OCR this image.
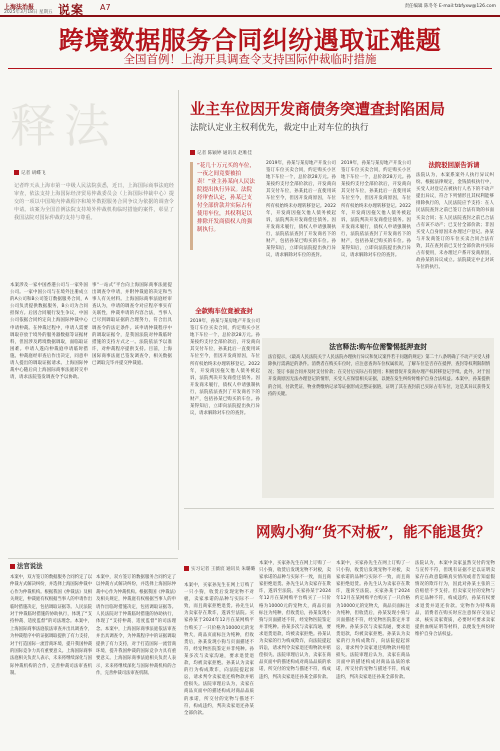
上海法治报
2025年3月18日 星期五 说案 A7	责任编辑 陈冬冬 E-mail:fzbfyxw@126.com
跨境数据服务合同纠纷遇取证难题
全国首例！上海开具调查令支持国际仲裁临时措施
释法
记者 胡蝶飞
记者昨天从上海市第一中级人民法院获悉，近日，上海国际商事法庭经审查，依法支持上海国际经济贸易仲裁委员会（上海国际仲裁中心）提交的一项以中国境内仲裁程序和境外数据服务合同争议为依据的调查令申请。该案为全国首例法院支持境外仲裁机构临时措施的案件，彰显了我国法院对国际仲裁的支持与尊重。
本案涉及一家中国香港公司与一家外国公司。一家中国公司与在境外注册成立的A公司和B公司签订数据服务合同，A公司负责提供数据服务，B公司为合同担保方。后因合同履行发生争议，中国公司依据合同约定向上海国际仲裁中心申请仲裁。在仲裁过程中，申请人需要调取存放于境外的服务器数据等证据材料，但因涉及跨境数据调取，面临取证困难。申请人遂向仲裁庭申请临时措施。仲裁庭经审查后作出决定，同意申请人提出的调取证据请求。上海国际仲裁中心随后向上海国际商事法庭转交申请，请求法院签发调查令予以协助。
事“一站式”平台向上海国际商事法庭提出调查令申请，并附仲裁庭的决定和当事人有关材料。上海国际商事法庭经审查认为，申请的调查令对应程序事实有关联性，仲裁申请的内容合法，当事人已尽到调取证据的合理努力，符合出具调查令的法定条件。该申请仲裁程序中的调取证据令，是我国法院对仲裁临时措施的支持方式之一。法院依法予以准许，对仲裁程序提供支持。目前，上海国际商事法庭已签发调查令，相关数据已调取完毕并提交仲裁庭。
业主车位因开发商债务突遭查封陷困局
法院认定业主权利优先，裁定中止对车位的执行
记者 陈颖婷 通讯员 赵唯佳
“花几十万元买的车位，一夜之间竟要被拍卖！”业主孙某向人民法院提出执行异议。法院经审查认定，孙某已支付全部价款并实际占有使用车位，其权利足以排除开发商债权人的强制执行。
全款购车位竟被查封
2019年，孙某与某房地产开发公司签订车位买卖合同，约定购买小区地下车位一个，总价款28万元。孙某按约支付全部价款后，开发商向其交付车位，孙某此后一直使用该车位至今，但因开发商原因，车位所有权始终未办理转移登记。2022年，开发商因拖欠他人债务被起诉，法院判决开发商偿还债务。因开发商未履行，债权人申请强制执行，法院依法查封了开发商名下的财产，包括孙某已购买的车位。孙某得知后，立即向法院提出执行异议，请求解除对车位的查封。
2019年，孙某与某房地产开发公司签订车位买卖合同，约定购买小区地下车位一个，总价款28万元。孙某按约支付全部价款后，开发商向其交付车位，孙某此后一直使用该车位至今，但因开发商原因，车位所有权始终未办理转移登记。2022年，开发商因拖欠他人债务被起诉，法院判决开发商偿还债务。因开发商未履行，债权人申请强制执行，法院依法查封了开发商名下的财产，包括孙某已购买的车位。孙某得知后，立即向法院提出执行异议，请求解除对车位的查封。
2019年，孙某与某房地产开发公司签订车位买卖合同，约定购买小区地下车位一个，总价款28万元。孙某按约支付全部价款后，开发商向其交付车位，孙某此后一直使用该车位至今，但因开发商原因，车位所有权始终未办理转移登记。2022年，开发商因拖欠他人债务被起诉，法院判决开发商偿还债务。因开发商未履行，债权人申请强制执行，法院依法查封了开发商名下的财产，包括孙某已购买的车位。孙某得知后，立即向法院提出执行异议，请求解除对车位的查封。
法院驳回原告诉请
法院认为，本案系案外人执行异议纠纷。根据法律规定，金钱债权执行中，买受人对登记在被执行人名下的不动产提出异议，符合下列情形且其权利能够排除执行的，人民法院应予支持：在人民法院查封之前已签订合法有效的书面买卖合同；在人民法院查封之前已合法占有该不动产；已支付全部价款；非因买受人自身原因未办理过户登记。孙某与开发商签订的车位买卖合同合法有效，其在查封前已支付全部价款并实际占有使用，未办理过户系开发商原因，故孙某的异议成立。法院裁定中止对该车位的执行。
法官释法:购车位需警惕抵押查封
法官提示，《最高人民法院关于人民法院办理执行异议和复议案件若干问题的规定》第二十八条明确了不动产买受人排除执行需满足的条件。消费者在购买车位时，应注意查询车位权属状况，了解车位是否存在抵押、查封等权利限制情况；签订书面合同并及时支付价款；在交付后实际占有使用；积极督促开发商办理产权转移登记手续。此外，对于因开发商原因无法办理登记的情形，买受人应保留相关证据，以便在发生纠纷时维护自身合法权益。本案中，孙某提供的合同、付款凭证、物业费缴纳记录等证据形成完整证据链，证明了其在查封前已实际占有车位，这是其异议获得支持的关键。
网购小狗“货不对板”，能不能退货？
实习记者 王薇宸 通讯员 朱璐璐
本案中，买家孙先生在网上订购了一只小狗，收货后发现宠物不对板，卖家承诺的品种与实际不一致，而且商家拒绝退货。孙先生认为卖家存在欺诈，遂诉至法院。买家孙某于2024年12月在某网购平台购买了一只价格为10000元的宠物犬，商品页面标注为纯种，但收货后，孙某发现小狗与页面描述不符，经宠物医院鉴定并非纯种。孙某多次与卖家沟通，要求退货退款，均被卖家拒绝。孙某认为卖家的行为构成欺诈，向法院提起诉讼，请求判令卖家退还购物款并赔偿损失。法院审理后认为，卖家在商品页面中的描述构成对商品品质的承诺，所交付的宠物与描述不符，构成违约，判决卖家退还孙某全部价款。
本案中，买家孙先生在网上订购了一只小狗，收货后发现宠物不对板，卖家承诺的品种与实际不一致，而且商家拒绝退货。孙先生认为卖家存在欺诈，遂诉至法院。买家孙某于2024年12月在某网购平台购买了一只价格为10000元的宠物犬，商品页面标注为纯种，但收货后，孙某发现小狗与页面描述不符，经宠物医院鉴定并非纯种。孙某多次与卖家沟通，要求退货退款，均被卖家拒绝。孙某认为卖家的行为构成欺诈，向法院提起诉讼，请求判令卖家退还购物款并赔偿损失。法院审理后认为，卖家在商品页面中的描述构成对商品品质的承诺，所交付的宠物与描述不符，构成违约，判决卖家退还孙某全部价款。
本案中，买家孙先生在网上订购了一只小狗，收货后发现宠物不对板，卖家承诺的品种与实际不一致，而且商家拒绝退货。孙先生认为卖家存在欺诈，遂诉至法院。买家孙某于2024年12月在某网购平台购买了一只价格为10000元的宠物犬，商品页面标注为纯种，但收货后，孙某发现小狗与页面描述不符，经宠物医院鉴定并非纯种。孙某多次与卖家沟通，要求退货退款，均被卖家拒绝。孙某认为卖家的行为构成欺诈，向法院提起诉讼，请求判令卖家退还购物款并赔偿损失。法院审理后认为，卖家在商品页面中的描述构成对商品品质的承诺，所交付的宠物与描述不符，构成违约，判决卖家退还孙某全部价款。
法院认为，本案中卖家虽然交付的宠物与宣传不符，但现有证据不足以证明卖家存在故意隐瞒真实情况或者告知虚假情况的欺诈行为，因此对孙某主张的三倍赔偿不予支持。但卖家交付的宠物与约定品种不符，构成违约，孙某有权要求退货并返还价款。宠物作为特殊商品，消费者在购买时应注意保存交易记录，核实卖家资质，必要时可要求卖家提供血统证明等材料，以便发生纠纷时维护自身合法权益。
法官说法
本案中，双方签订的数据服务合同约定了以仲裁方式解决纠纷，并选择上海国际仲裁中心作为仲裁机构。根据我国《仲裁法》及相关规定，仲裁庭有权根据当事人的申请作出临时措施决定，包括调取证据等。人民法院对于仲裁临时措施的协助执行，体现了“支持仲裁、适度监督”的司法理念。本案中，上海国际商事法庭依法审查并出具调查令，为仲裁程序中的证据调取提供了有力支持，对于打造国际一流营商环境、提升我国仲裁的国际竞争力具有重要意义。上海国际商事法庭相关负责人表示，未来将继续深化与国际仲裁机构的合作，完善仲裁司法审查机制。
本案中，双方签订的数据服务合同约定了以仲裁方式解决纠纷，并选择上海国际仲裁中心作为仲裁机构。根据我国《仲裁法》及相关规定，仲裁庭有权根据当事人的申请作出临时措施决定，包括调取证据等。人民法院对于仲裁临时措施的协助执行，体现了“支持仲裁、适度监督”的司法理念。本案中，上海国际商事法庭依法审查并出具调查令，为仲裁程序中的证据调取提供了有力支持，对于打造国际一流营商环境、提升我国仲裁的国际竞争力具有重要意义。上海国际商事法庭相关负责人表示，未来将继续深化与国际仲裁机构的合作，完善仲裁司法审查机制。
